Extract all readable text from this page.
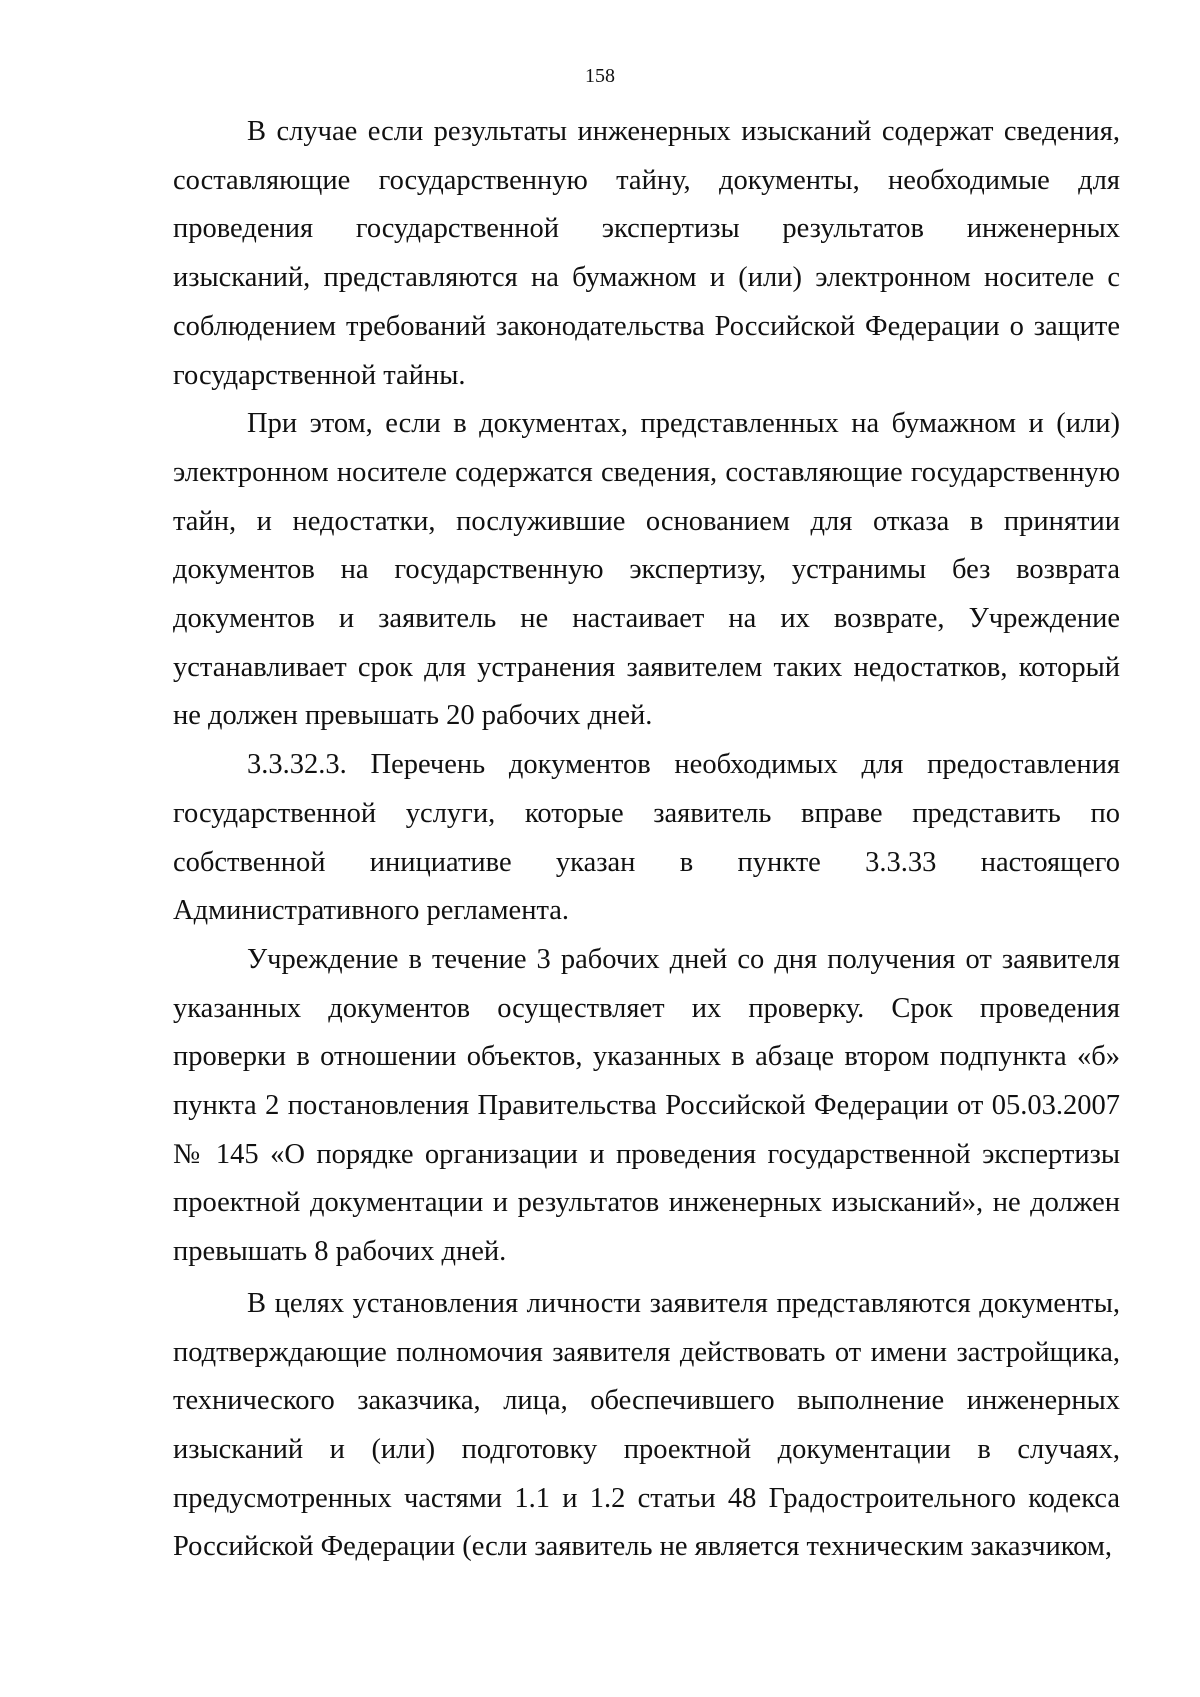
158

В случае если результаты инженерных изысканий содержат сведения, составляющие государственную тайну, документы, необходимые для проведения государственной экспертизы результатов инженерных изысканий, представляются на бумажном и (или) электронном носителе с соблюдением требований законодательства Российской Федерации о защите государственной тайны.

При этом, если в документах, представленных на бумажном и (или) электронном носителе содержатся сведения, составляющие государственную тайн, и недостатки, послужившие основанием для отказа в принятии документов на государственную экспертизу, устранимы без возврата документов и заявитель не настаивает на их возврате, Учреждение устанавливает срок для устранения заявителем таких недостатков, который не должен превышать 20 рабочих дней.

3.3.32.3. Перечень документов необходимых для предоставления государственной услуги, которые заявитель вправе представить по собственной инициативе указан в пункте 3.3.33 настоящего Административного регламента.

Учреждение в течение 3 рабочих дней со дня получения от заявителя указанных документов осуществляет их проверку. Срок проведения проверки в отношении объектов, указанных в абзаце втором подпункта «б» пункта 2 постановления Правительства Российской Федерации от 05.03.2007 № 145 «О порядке организации и проведения государственной экспертизы проектной документации и результатов инженерных изысканий», не должен превышать 8 рабочих дней.

В целях установления личности заявителя представляются документы, подтверждающие полномочия заявителя действовать от имени застройщика, технического заказчика, лица, обеспечившего выполнение инженерных изысканий и (или) подготовку проектной документации в случаях, предусмотренных частями 1.1 и 1.2 статьи 48 Градостроительного кодекса Российской Федерации (если заявитель не является техническим заказчиком,
